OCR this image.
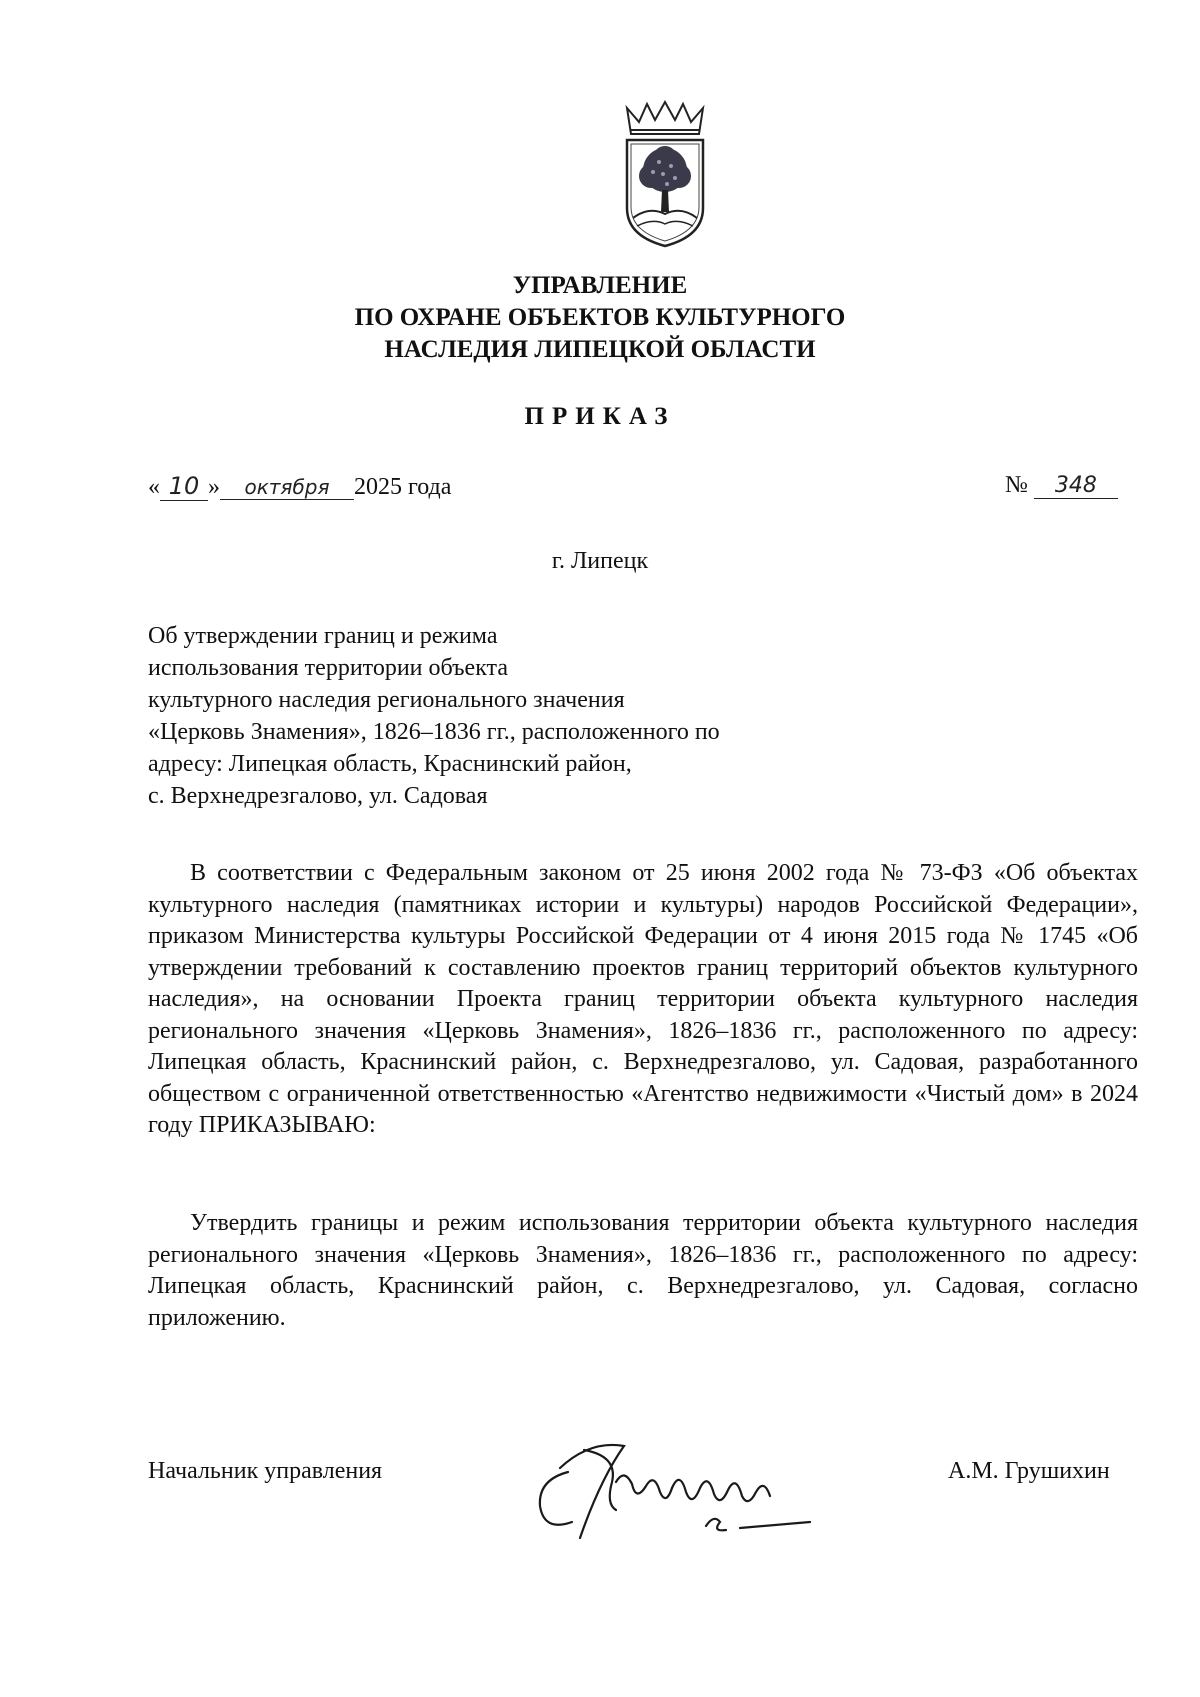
УПРАВЛЕНИЕ
ПО ОХРАНЕ ОБЪЕКТОВ КУЛЬТУРНОГО
НАСЛЕДИЯ ЛИПЕЦКОЙ ОБЛАСТИ
ПРИКАЗ
« 10 » октября 2025 года	№ 348
г. Липецк
Об утверждении границ и режима
использования территории объекта
культурного наследия регионального значения
«Церковь Знамения», 1826–1836 гг., расположенного по
адресу: Липецкая область, Краснинский район,
с. Верхнедрезгалово, ул. Садовая
В соответствии с Федеральным законом от 25 июня 2002 года № 73-ФЗ «Об объектах культурного наследия (памятниках истории и культуры) народов Российской Федерации», приказом Министерства культуры Российской Федерации от 4 июня 2015 года № 1745 «Об утверждении требований к составлению проектов границ территорий объектов культурного наследия», на основании Проекта границ территории объекта культурного наследия регионального значения «Церковь Знамения», 1826–1836 гг., расположенного по адресу: Липецкая область, Краснинский район, с. Верхнедрезгалово, ул. Садовая, разработанного обществом с ограниченной ответственностью «Агентство недвижимости «Чистый дом» в 2024 году ПРИКАЗЫВАЮ:
Утвердить границы и режим использования территории объекта культурного наследия регионального значения «Церковь Знамения», 1826–1836 гг., расположенного по адресу: Липецкая область, Краснинский район, с. Верхнедрезгалово, ул. Садовая, согласно приложению.
Начальник управления	А.М. Грушихин
